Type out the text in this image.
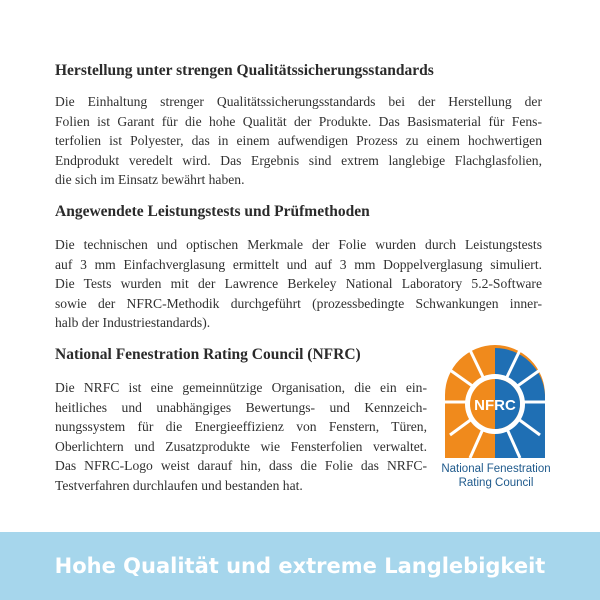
Herstellung unter strengen Qualitätssicherungsstandards
Die Einhaltung strenger Qualitätssicherungsstandards bei der Herstellung der
Folien ist Garant für die hohe Qualität der Produkte. Das Basismaterial für Fens-
terfolien ist Polyester, das in einem aufwendigen Prozess zu einem hochwertigen
Endprodukt veredelt wird. Das Ergebnis sind extrem langlebige Flachglasfolien,
die sich im Einsatz bewährt haben.
Angewendete Leistungstests und Prüfmethoden
Die technischen und optischen Merkmale der Folie wurden durch Leistungstests
auf 3 mm Einfachverglasung ermittelt und auf 3 mm Doppelverglasung simuliert.
Die Tests wurden mit der Lawrence Berkeley National Laboratory 5.2-Software
sowie der NFRC-Methodik durchgeführt (prozessbedingte Schwankungen inner-
halb der Industriestandards).
National Fenestration Rating Council (NFRC)
Die NRFC ist eine gemeinnützige Organisation, die ein ein-
heitliches und unabhängiges Bewertungs- und Kennzeich-
nungssystem für die Energieeffizienz von Fenstern, Türen,
Oberlichtern und Zusatzprodukte wie Fensterfolien verwaltet.
Das NFRC-Logo weist darauf hin, dass die Folie das NRFC-
Testverfahren durchlaufen und bestanden hat.
NFRC
National Fenestration
Rating Council

Hohe Qualität und extreme Langlebigkeit
